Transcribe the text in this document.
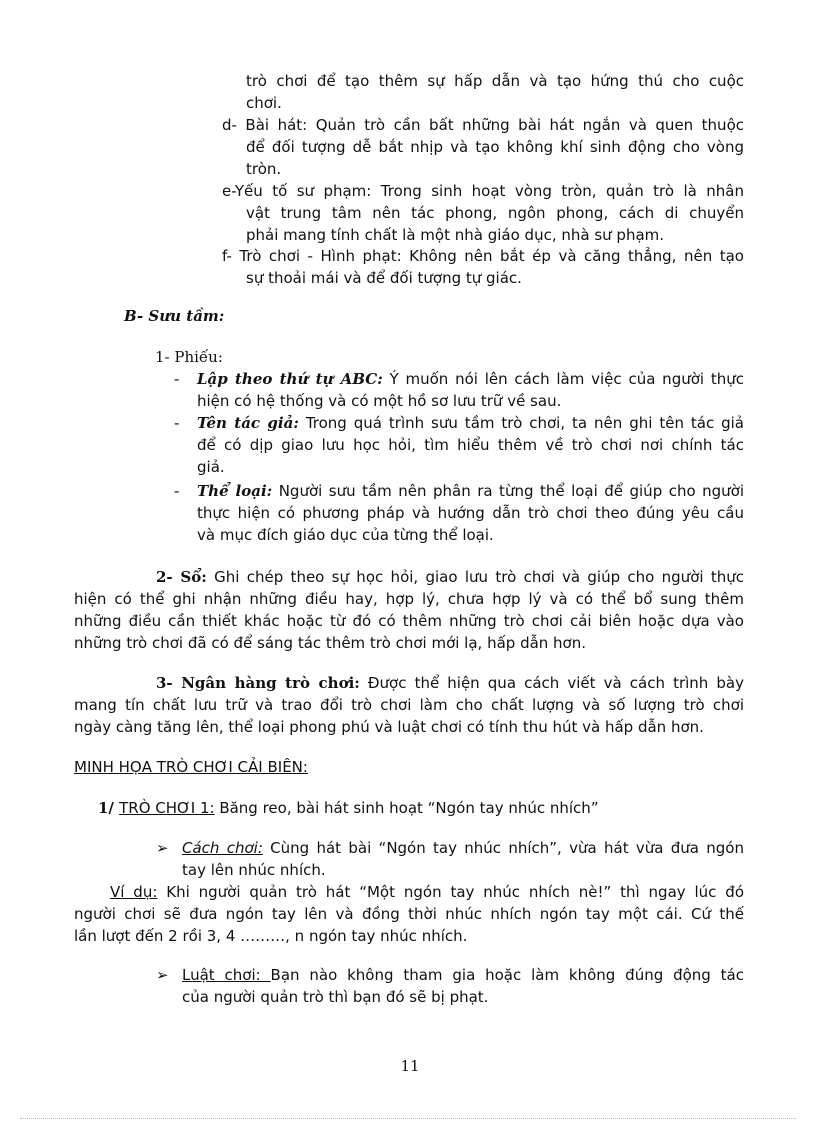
trò chơi để tạo thêm sự hấp dẫn và tạo hứng thú cho cuộc
chơi.
d- Bài hát: Quản trò cần bất những bài hát ngắn và quen thuộc
để đối tượng dễ bắt nhịp và tạo không khí sinh động cho vòng
tròn.
e-Yếu tố sư phạm: Trong sinh hoạt vòng tròn, quản trò là nhân
vật trung tâm nên tác phong, ngôn phong, cách di chuyển
phải mang tính chất là một nhà giáo dục, nhà sư phạm.
f- Trò chơi - Hình phạt: Không nên bắt ép và căng thẳng, nên tạo
sự thoải mái và để đối tượng tự giác.
B- Sưu tầm:
1- Phiếu:
- Lập theo thứ tự ABC: Ý muốn nói lên cách làm việc của người thực
hiện có hệ thống và có một hồ sơ lưu trữ về sau.
- Tên tác giả: Trong quá trình sưu tầm trò chơi, ta nên ghi tên tác giả
để có dịp giao lưu học hỏi, tìm hiểu thêm về trò chơi nơi chính tác
giả.
- Thể loại: Người sưu tầm nên phân ra từng thể loại để giúp cho người
thực hiện có phương pháp và hướng dẫn trò chơi theo đúng yêu cầu
và mục đích giáo dục của từng thể loại.
2- Sổ: Ghi chép theo sự học hỏi, giao lưu trò chơi và giúp cho người thực
hiện có thể ghi nhận những điều hay, hợp lý, chưa hợp lý và có thể bổ sung thêm
những điều cần thiết khác hoặc từ đó có thêm những trò chơi cải biên hoặc dựa vào
những trò chơi đã có để sáng tác thêm trò chơi mới lạ, hấp dẫn hơn.
3- Ngân hàng trò chơi: Được thể hiện qua cách viết và cách trình bày
mang tín chất lưu trữ và trao đổi trò chơi làm cho chất lượng và số lượng trò chơi
ngày càng tăng lên, thể loại phong phú và luật chơi có tính thu hút và hấp dẫn hơn.
MINH HỌA TRÒ CHƠI CẢI BIÊN:
1/ TRÒ CHƠI 1: Băng reo, bài hát sinh hoạt “Ngón tay nhúc nhích”
➢ Cách chơi: Cùng hát bài “Ngón tay nhúc nhích”, vừa hát vừa đưa ngón
tay lên nhúc nhích.
Ví dụ: Khi người quản trò hát “Một ngón tay nhúc nhích nè!” thì ngay lúc đó
người chơi sẽ đưa ngón tay lên và đồng thời nhúc nhích ngón tay một cái. Cứ thế
lần lượt đến 2 rồi 3, 4 ………, n ngón tay nhúc nhích.
➢ Luật chơi: Bạn nào không tham gia hoặc làm không đúng động tác
của người quản trò thì bạn đó sẽ bị phạt.
11
